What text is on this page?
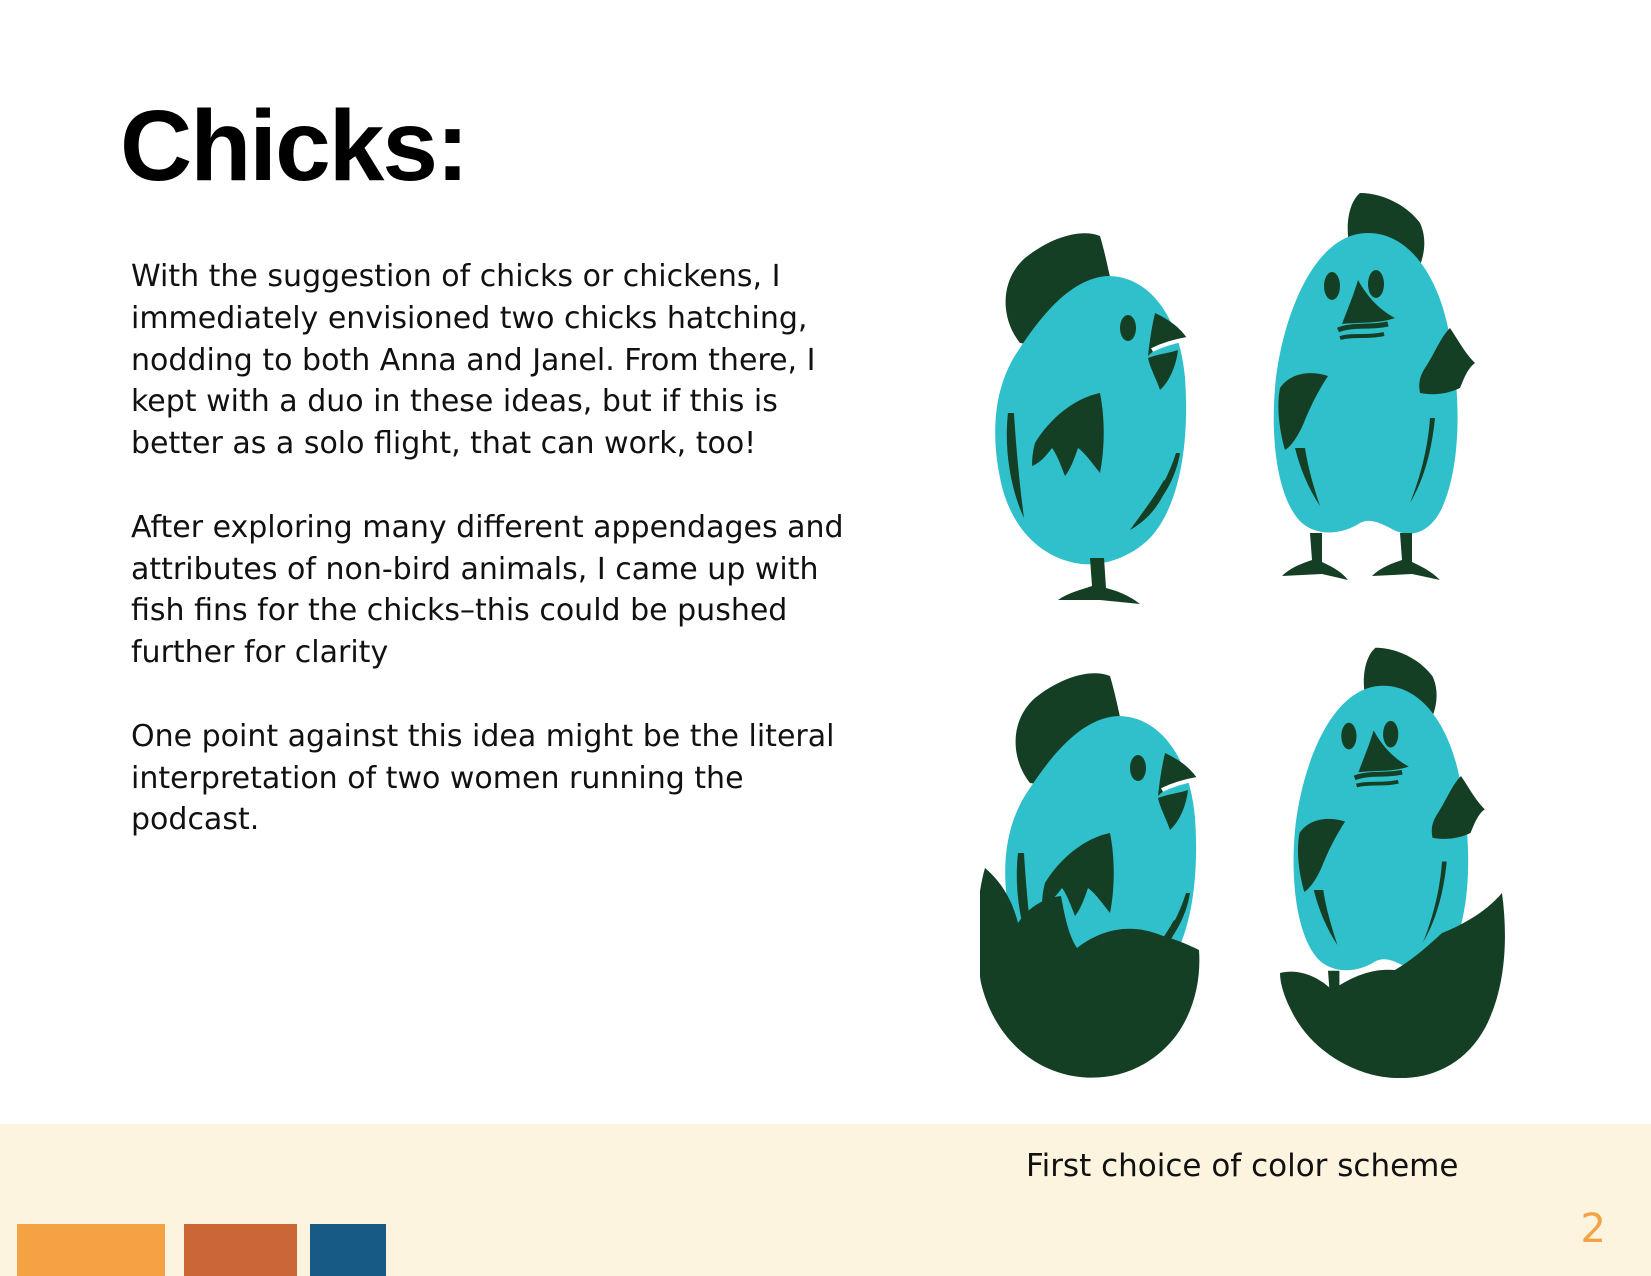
Chicks:

With the suggestion of chicks or chickens, I immediately envisioned two chicks hatching, nodding to both Anna and Janel. From there, I kept with a duo in these ideas, but if this is better as a solo flight, that can work, too!

After exploring many different appendages and attributes of non-bird animals, I came up with fish fins for the chicks–this could be pushed further for clarity

One point against this idea might be the literal interpretation of two women running the podcast.

First choice of color scheme
2
